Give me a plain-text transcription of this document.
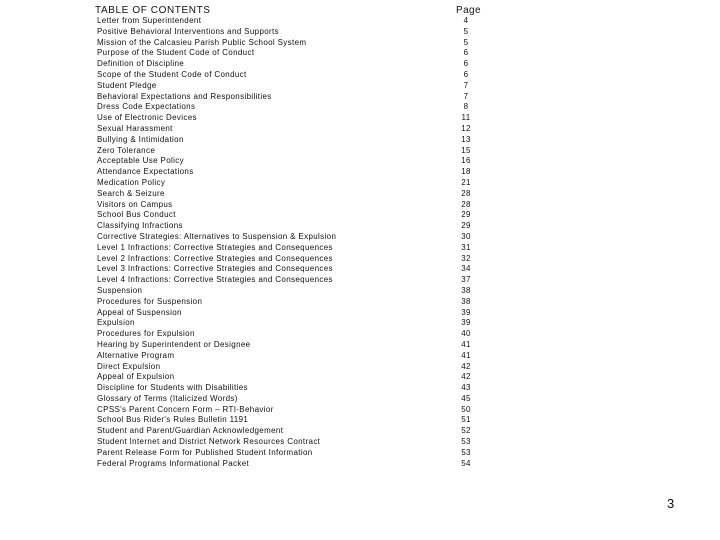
TABLE OF CONTENTS	Page
Letter from Superintendent	4
Positive Behavioral Interventions and Supports	5
Mission of the Calcasieu Parish Public School System	5
Purpose of the Student Code of Conduct	6
Definition of Discipline	6
Scope of the Student Code of Conduct	6
Student Pledge	7
Behavioral Expectations and Responsibilities	7
Dress Code Expectations	8
Use of Electronic Devices	11
Sexual Harassment	12
Bullying & Intimidation	13
Zero Tolerance	15
Acceptable Use Policy	16
Attendance Expectations	18
Medication Policy	21
Search & Seizure	28
Visitors on Campus	28
School Bus Conduct	29
Classifying Infractions	29
Corrective Strategies: Alternatives to Suspension & Expulsion	30
Level 1 Infractions: Corrective Strategies and Consequences	31
Level 2 Infractions: Corrective Strategies and Consequences	32
Level 3 Infractions: Corrective Strategies and Consequences	34
Level 4 Infractions: Corrective Strategies and Consequences	37
Suspension	38
Procedures for Suspension	38
Appeal of Suspension	39
Expulsion	39
Procedures for Expulsion	40
Hearing by Superintendent or Designee	41
Alternative Program	41
Direct Expulsion	42
Appeal of Expulsion	42
Discipline for Students with Disabilities	43
Glossary of Terms (Italicized Words)	45
CPSS's Parent Concern Form – RTI-Behavior	50
School Bus Rider's Rules Bulletin 1191	51
Student and Parent/Guardian Acknowledgement	52
Student Internet and District Network Resources Contract	53
Parent Release Form for Published Student Information	53
Federal Programs Informational Packet	54
3
